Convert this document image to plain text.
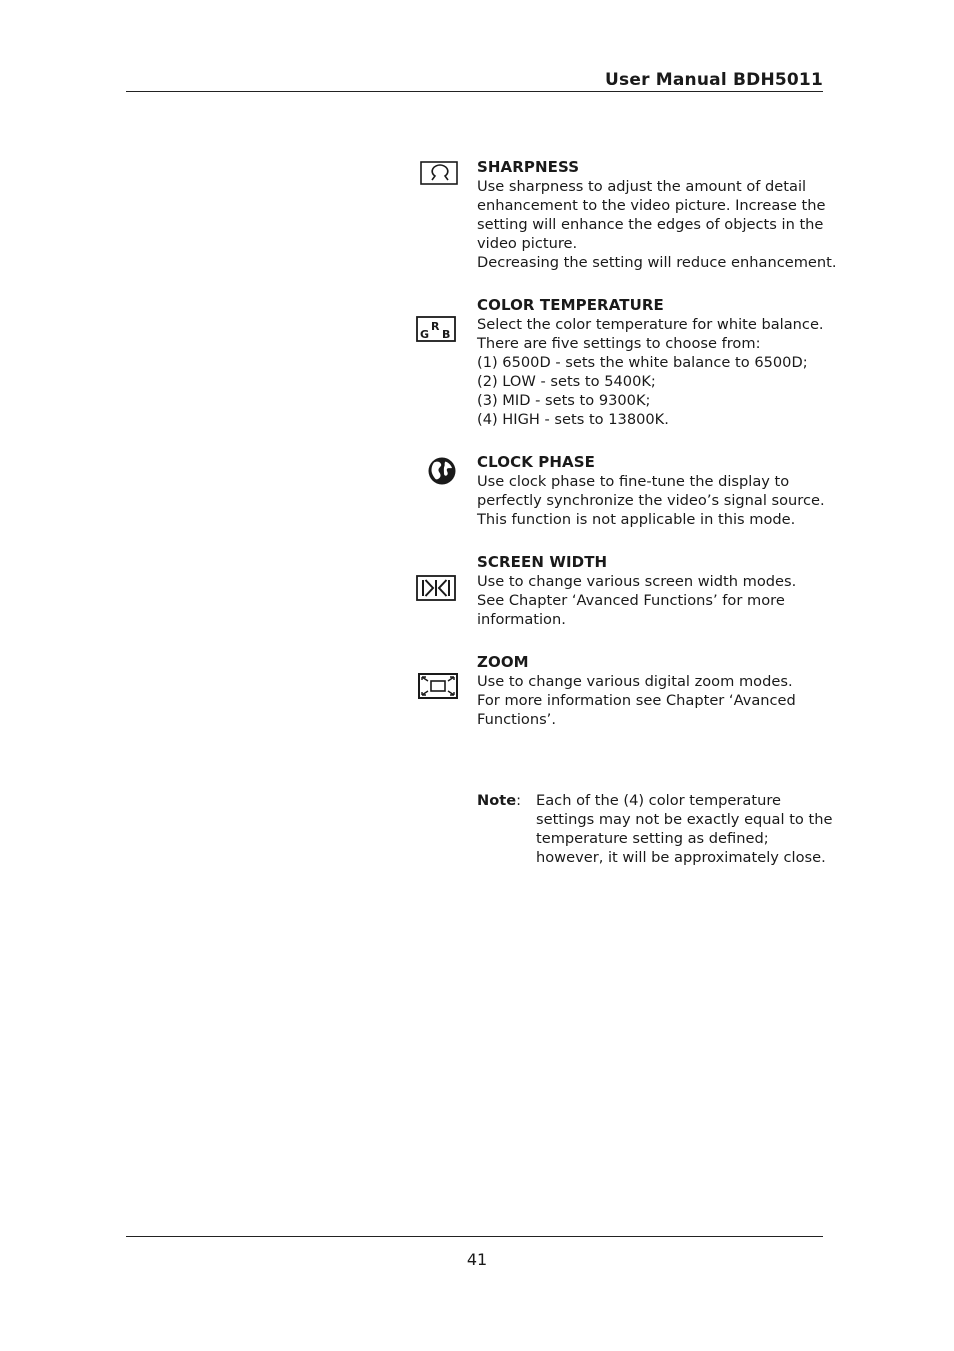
User Manual BDH5011
SHARPNESS
Use sharpness to adjust the amount of detail
enhancement to the video picture. Increase the
setting will enhance the edges of objects in the
video picture.
Decreasing the setting will reduce enhancement.
G
R
B
COLOR TEMPERATURE
Select the color temperature for white balance.
There are five settings to choose from:
(1) 6500D - sets the white balance to 6500D;
(2) LOW - sets to 5400K;
(3) MID - sets to 9300K;
(4) HIGH - sets to 13800K.
CLOCK PHASE
Use clock phase to fine-tune the display to
perfectly synchronize the video’s signal source.
This function is not applicable in this mode.
SCREEN WIDTH
Use to change various screen width modes.
See Chapter ‘Avanced Functions’ for more
information.
ZOOM
Use to change various digital zoom modes.
For more information see Chapter ‘Avanced
Functions’.
Note: Each of the (4) color temperature
settings may not be exactly equal to the
temperature setting as defined;
however, it will be approximately close.
41
